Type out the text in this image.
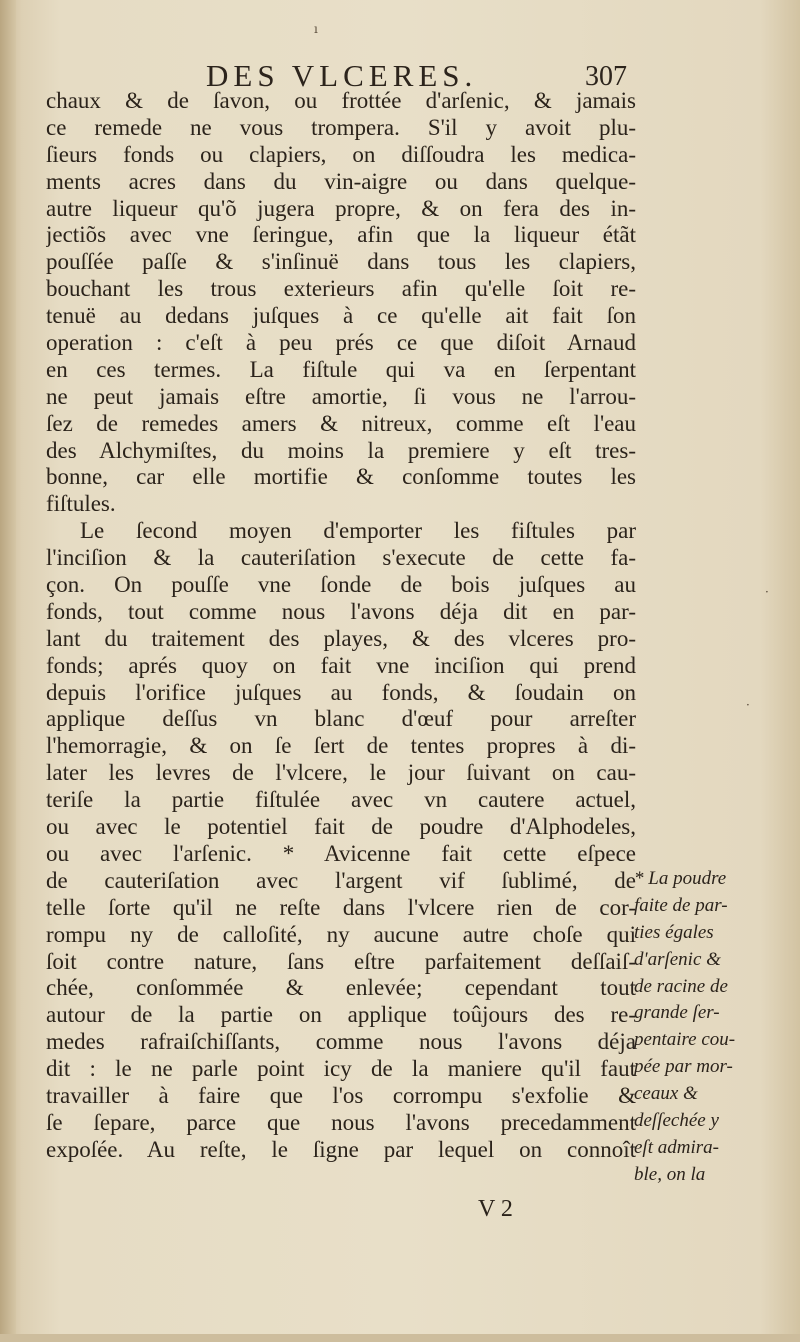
DES VLCERES.	307
chaux & de ſavon, ou frottée d'arſenic, & jamais
ce remede ne vous trompera. S'il y avoit plu-
ſieurs fonds ou clapiers, on diſſoudra les medica-
ments acres dans du vin-aigre ou dans quelque-
autre liqueur qu'õ jugera propre, & on fera des in-
jectiõs avec vne ſeringue, afin que la liqueur étãt
pouſſée paſſe & s'inſinuë dans tous les clapiers,
bouchant les trous exterieurs afin qu'elle ſoit re-
tenuë au dedans juſques à ce qu'elle ait fait ſon
operation : c'eſt à peu prés ce que diſoit Arnaud
en ces termes. La fiſtule qui va en ſerpentant
ne peut jamais eſtre amortie, ſi vous ne l'arrou-
ſez de remedes amers & nitreux, comme eſt l'eau
des Alchymiſtes, du moins la premiere y eſt tres-
bonne, car elle mortifie & conſomme toutes les
fiſtules.
Le ſecond moyen d'emporter les fiſtules par
l'inciſion & la cauteriſation s'execute de cette fa-
çon. On pouſſe vne ſonde de bois juſques au
fonds, tout comme nous l'avons déja dit en par-
lant du traitement des playes, & des vlceres pro-
fonds; aprés quoy on fait vne inciſion qui prend
depuis l'orifice juſques au fonds, & ſoudain on
applique deſſus vn blanc d'œuf pour arreſter
l'hemorragie, & on ſe ſert de tentes propres à di-
later les levres de l'vlcere, le jour ſuivant on cau-
teriſe la partie fiſtulée avec vn cautere actuel,
ou avec le potentiel fait de poudre d'Alphodeles,
ou avec l'arſenic. * Avicenne fait cette eſpece
de cauteriſation avec l'argent vif ſublimé, de
telle ſorte qu'il ne reſte dans l'vlcere rien de cor-
rompu ny de calloſité, ny aucune autre choſe qui
ſoit contre nature, ſans eſtre parfaitement deſſaiſ-
chée, conſommée & enlevée; cependant tout
autour de la partie on applique toûjours des re-
medes rafraiſchiſſants, comme nous l'avons déja
dit : le ne parle point icy de la maniere qu'il faut
travailler à faire que l'os corrompu s'exfolie &
ſe ſepare, parce que nous l'avons precedamment
expoſée. Au reſte, le ſigne par lequel on connoît
* La poudre
faite de par-
ties égales
d'arſenic &
de racine de
grande ſer-
pentaire cou-
pée par mor-
ceaux &
deſſechée y
eſt admira-
ble, on la
V 2
ı
·
·
